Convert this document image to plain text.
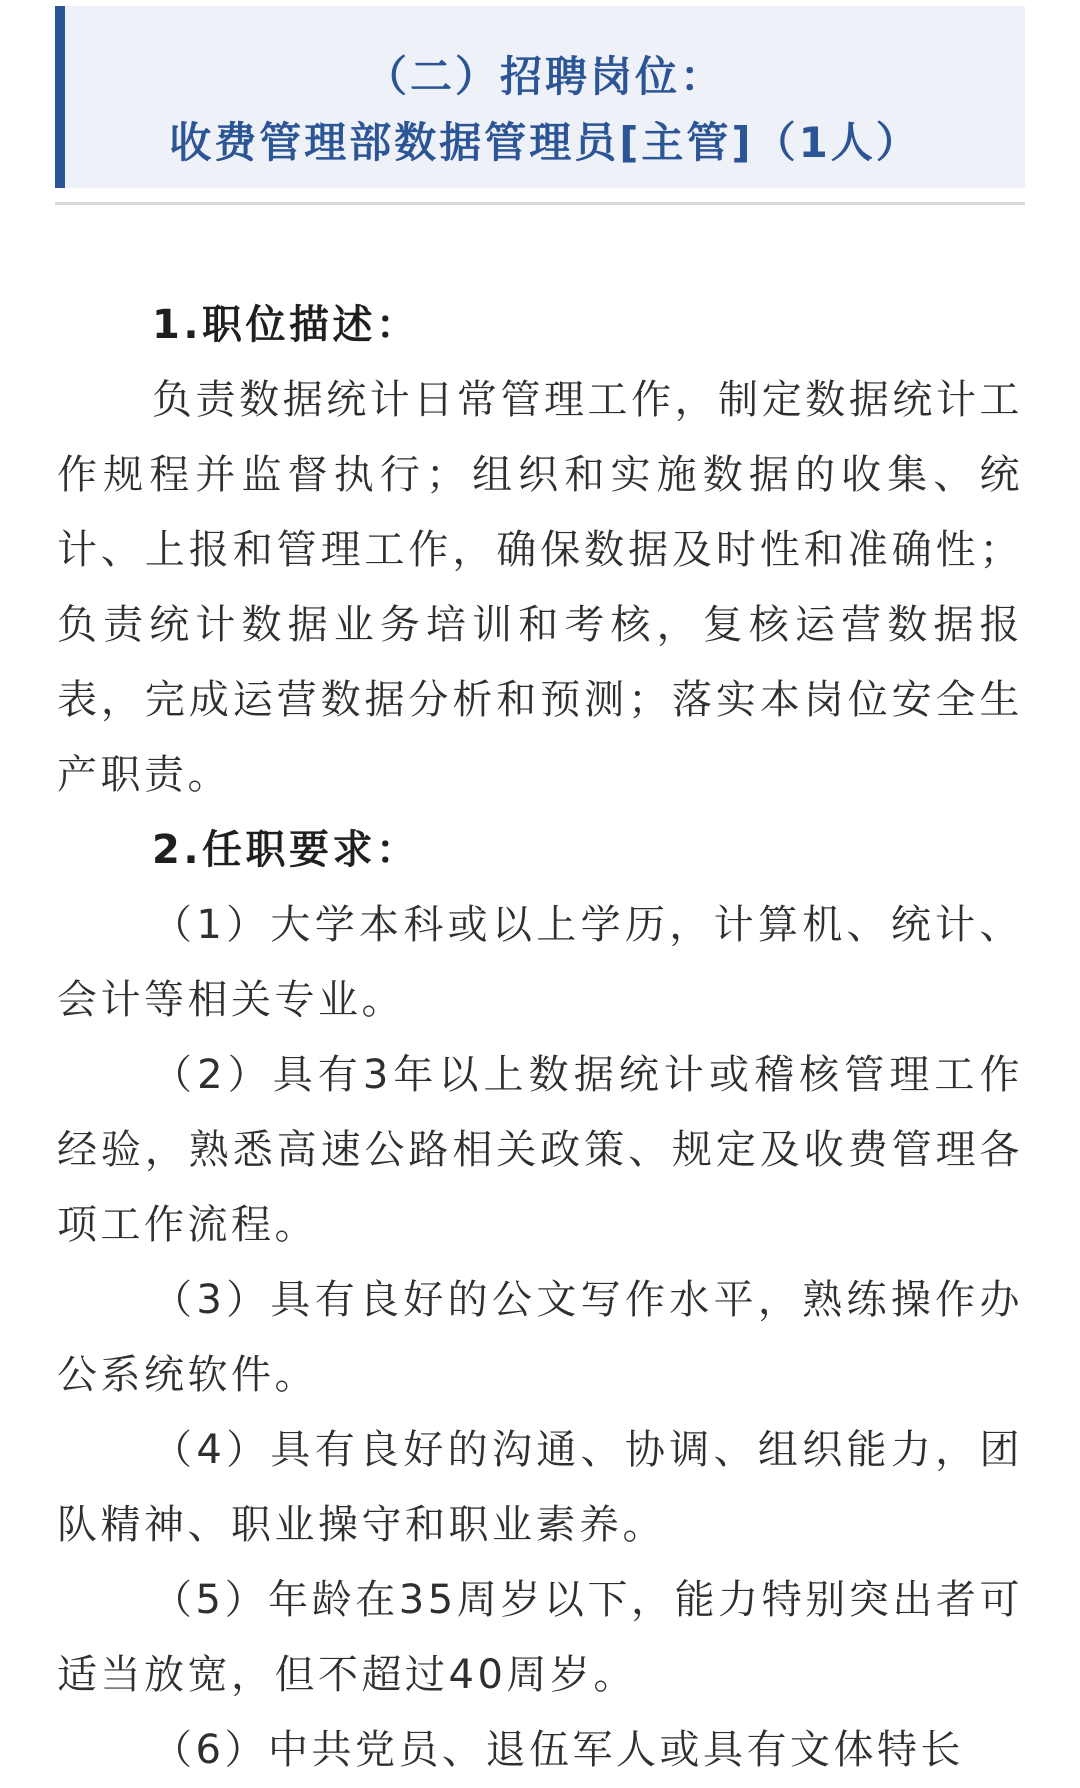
（二）招聘岗位：
收费管理部数据管理员[主管]（1人）

1.职位描述：

负责数据统计日常管理工作，制定数据统计工作规程并监督执行；组织和实施数据的收集、统计、上报和管理工作，确保数据及时性和准确性；负责统计数据业务培训和考核，复核运营数据报表，完成运营数据分析和预测；落实本岗位安全生产职责。

2.任职要求：

（1）大学本科或以上学历，计算机、统计、会计等相关专业。

（2）具有3年以上数据统计或稽核管理工作经验，熟悉高速公路相关政策、规定及收费管理各项工作流程。

（3）具有良好的公文写作水平，熟练操作办公系统软件。

（4）具有良好的沟通、协调、组织能力，团队精神、职业操守和职业素养。

（5）年龄在35周岁以下，能力特别突出者可适当放宽，但不超过40周岁。

（6）中共党员、退伍军人或具有文体特长
